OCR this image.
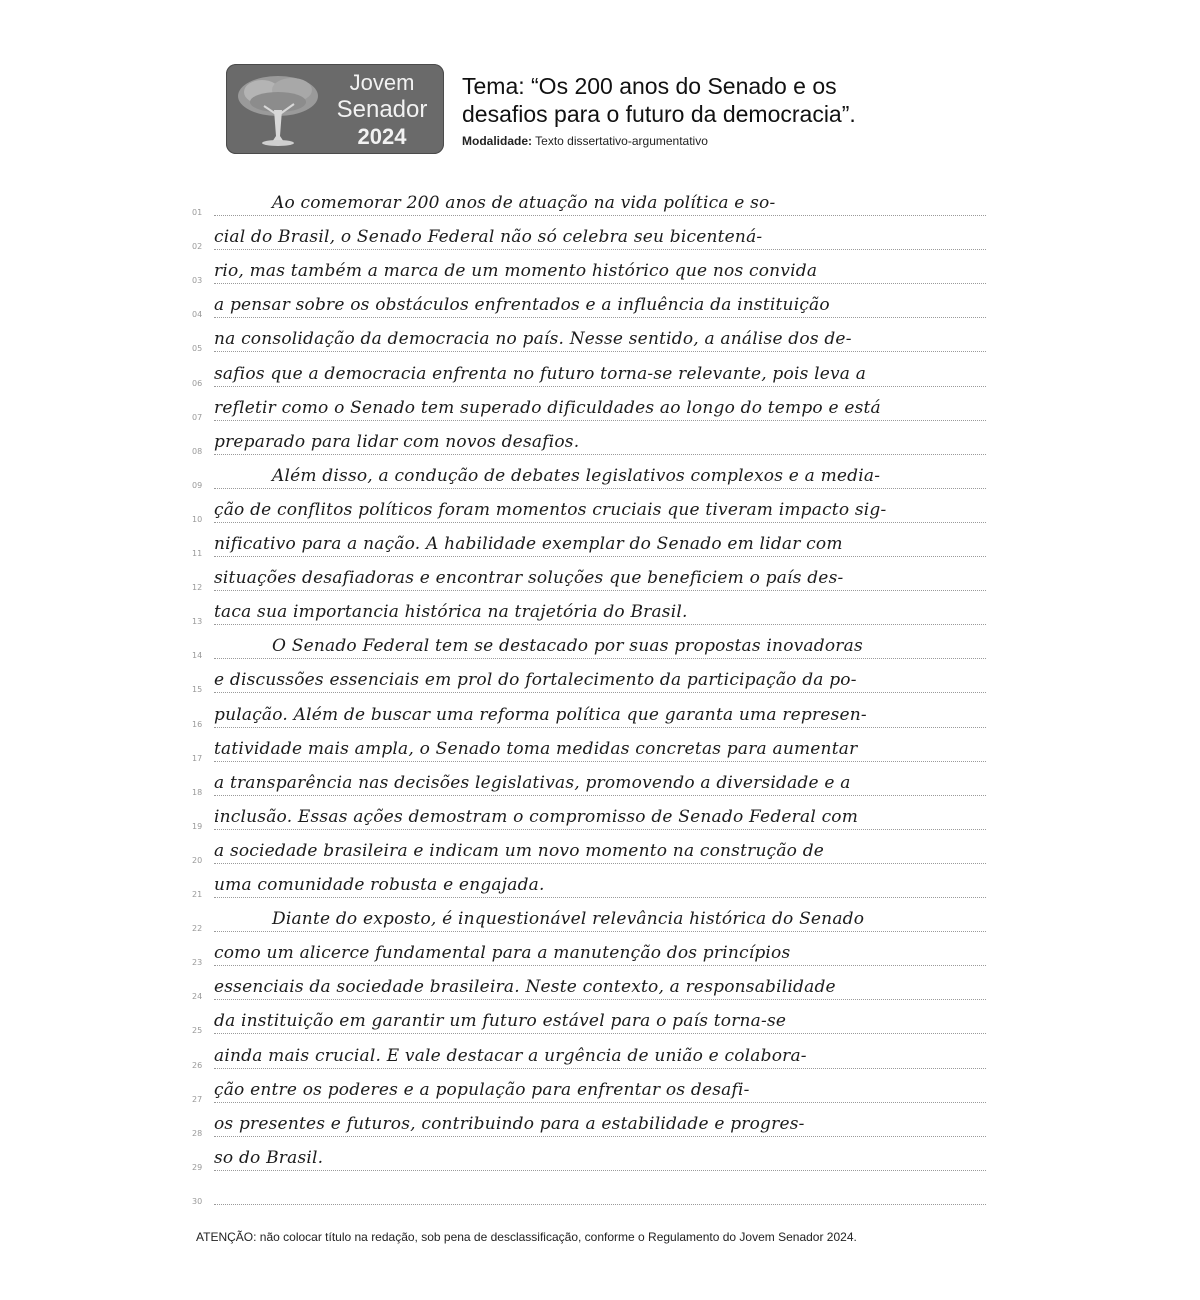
Jovem
Senador
2024
Tema: “Os 200 anos do Senado e os
desafios para o futuro da democracia”.
Modalidade: Texto dissertativo-argumentativo
01	Ao comemorar 200 anos de atuação na vida política e so-
02 cial do Brasil, o Senado Federal não só celebra seu bicentená-
03 rio, mas também a marca de um momento histórico que nos convida
04 a pensar sobre os obstáculos enfrentados e a influência da instituição
05 na consolidação da democracia no país. Nesse sentido, a análise dos de-
06 safios que a democracia enfrenta no futuro torna-se relevante, pois leva a
07 refletir como o Senado tem superado dificuldades ao longo do tempo e está
08 preparado para lidar com novos desafios.
09	Além disso, a condução de debates legislativos complexos e a media-
10 ção de conflitos políticos foram momentos cruciais que tiveram impacto sig-
11 nificativo para a nação. A habilidade exemplar do Senado em lidar com
12 situações desafiadoras e encontrar soluções que beneficiem o país des-
13 taca sua importancia histórica na trajetória do Brasil.
14	O Senado Federal tem se destacado por suas propostas inovadoras
15 e discussões essenciais em prol do fortalecimento da participação da po-
16 pulação. Além de buscar uma reforma política que garanta uma represen-
17 tatividade mais ampla, o Senado toma medidas concretas para aumentar
18 a transparência nas decisões legislativas, promovendo a diversidade e a
19 inclusão. Essas ações demostram o compromisso de Senado Federal com
20 a sociedade brasileira e indicam um novo momento na construção de
21 uma comunidade robusta e engajada.
22	Diante do exposto, é inquestionável relevância histórica do Senado
23 como um alicerce fundamental para a manutenção dos princípios
24 essenciais da sociedade brasileira. Neste contexto, a responsabilidade
25 da instituição em garantir um futuro estável para o país torna-se
26 ainda mais crucial. E vale destacar a urgência de união e colabora-
27 ção entre os poderes e a população para enfrentar os desafi-
28 os presentes e futuros, contribuindo para a estabilidade e progres-
29 so do Brasil.
30
ATENÇÃO: não colocar título na redação, sob pena de desclassificação, conforme o Regulamento do Jovem Senador 2024.
